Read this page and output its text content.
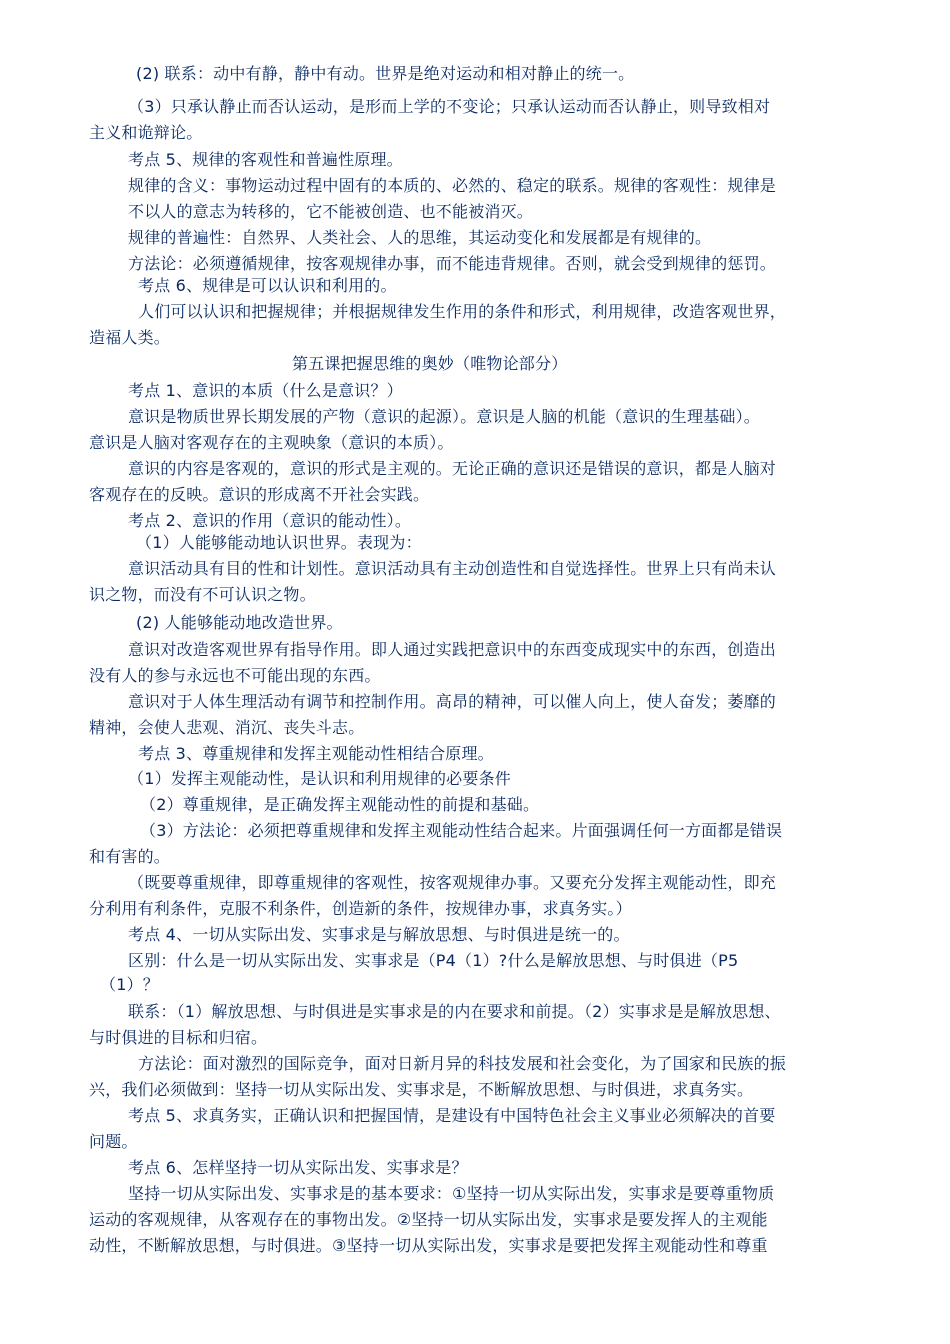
(2) 联系：动中有静，静中有动。世界是绝对运动和相对静止的统一。
（3）只承认静止而否认运动，是形而上学的不变论；只承认运动而否认静止，则导致相对
主义和诡辩论。
考点 5、规律的客观性和普遍性原理。
规律的含义：事物运动过程中固有的本质的、必然的、稳定的联系。规律的客观性：规律是
不以人的意志为转移的，它不能被创造、也不能被消灭。
规律的普遍性：自然界、人类社会、人的思维，其运动变化和发展都是有规律的。
方法论：必须遵循规律，按客观规律办事，而不能违背规律。否则，就会受到规律的惩罚。
考点 6、规律是可以认识和利用的。
人们可以认识和把握规律；并根据规律发生作用的条件和形式，利用规律，改造客观世界，
造福人类。
第五课把握思维的奥妙（唯物论部分）
考点 1、意识的本质（什么是意识？）
意识是物质世界长期发展的产物（意识的起源）。意识是人脑的机能（意识的生理基础）。
意识是人脑对客观存在的主观映象（意识的本质）。
意识的内容是客观的，意识的形式是主观的。无论正确的意识还是错误的意识，都是人脑对
客观存在的反映。意识的形成离不开社会实践。
考点 2、意识的作用（意识的能动性）。
（1）人能够能动地认识世界。表现为：
意识活动具有目的性和计划性。意识活动具有主动创造性和自觉选择性。世界上只有尚未认
识之物，而没有不可认识之物。
(2) 人能够能动地改造世界。
意识对改造客观世界有指导作用。即人通过实践把意识中的东西变成现实中的东西，创造出
没有人的参与永远也不可能出现的东西。
意识对于人体生理活动有调节和控制作用。高昂的精神，可以催人向上，使人奋发；萎靡的
精神，会使人悲观、消沉、丧失斗志。
考点 3、尊重规律和发挥主观能动性相结合原理。
（1）发挥主观能动性，是认识和利用规律的必要条件
（2）尊重规律，是正确发挥主观能动性的前提和基础。
（3）方法论：必须把尊重规律和发挥主观能动性结合起来。片面强调任何一方面都是错误
和有害的。
（既要尊重规律，即尊重规律的客观性，按客观规律办事。又要充分发挥主观能动性，即充
分利用有利条件，克服不利条件，创造新的条件，按规律办事，求真务实。）
考点 4、一切从实际出发、实事求是与解放思想、与时俱进是统一的。
区别：什么是一切从实际出发、实事求是（P4（1）?什么是解放思想、与时俱进（P5
（1）？
联系：（1）解放思想、与时俱进是实事求是的内在要求和前提。（2）实事求是是解放思想、
与时俱进的目标和归宿。
方法论：面对激烈的国际竞争，面对日新月异的科技发展和社会变化，为了国家和民族的振
兴，我们必须做到：坚持一切从实际出发、实事求是，不断解放思想、与时俱进，求真务实。
考点 5、求真务实，正确认识和把握国情，是建设有中国特色社会主义事业必须解决的首要
问题。
考点 6、怎样坚持一切从实际出发、实事求是？
坚持一切从实际出发、实事求是的基本要求：①坚持一切从实际出发，实事求是要尊重物质
运动的客观规律，从客观存在的事物出发。②坚持一切从实际出发，实事求是要发挥人的主观能
动性，不断解放思想，与时俱进。③坚持一切从实际出发，实事求是要把发挥主观能动性和尊重
